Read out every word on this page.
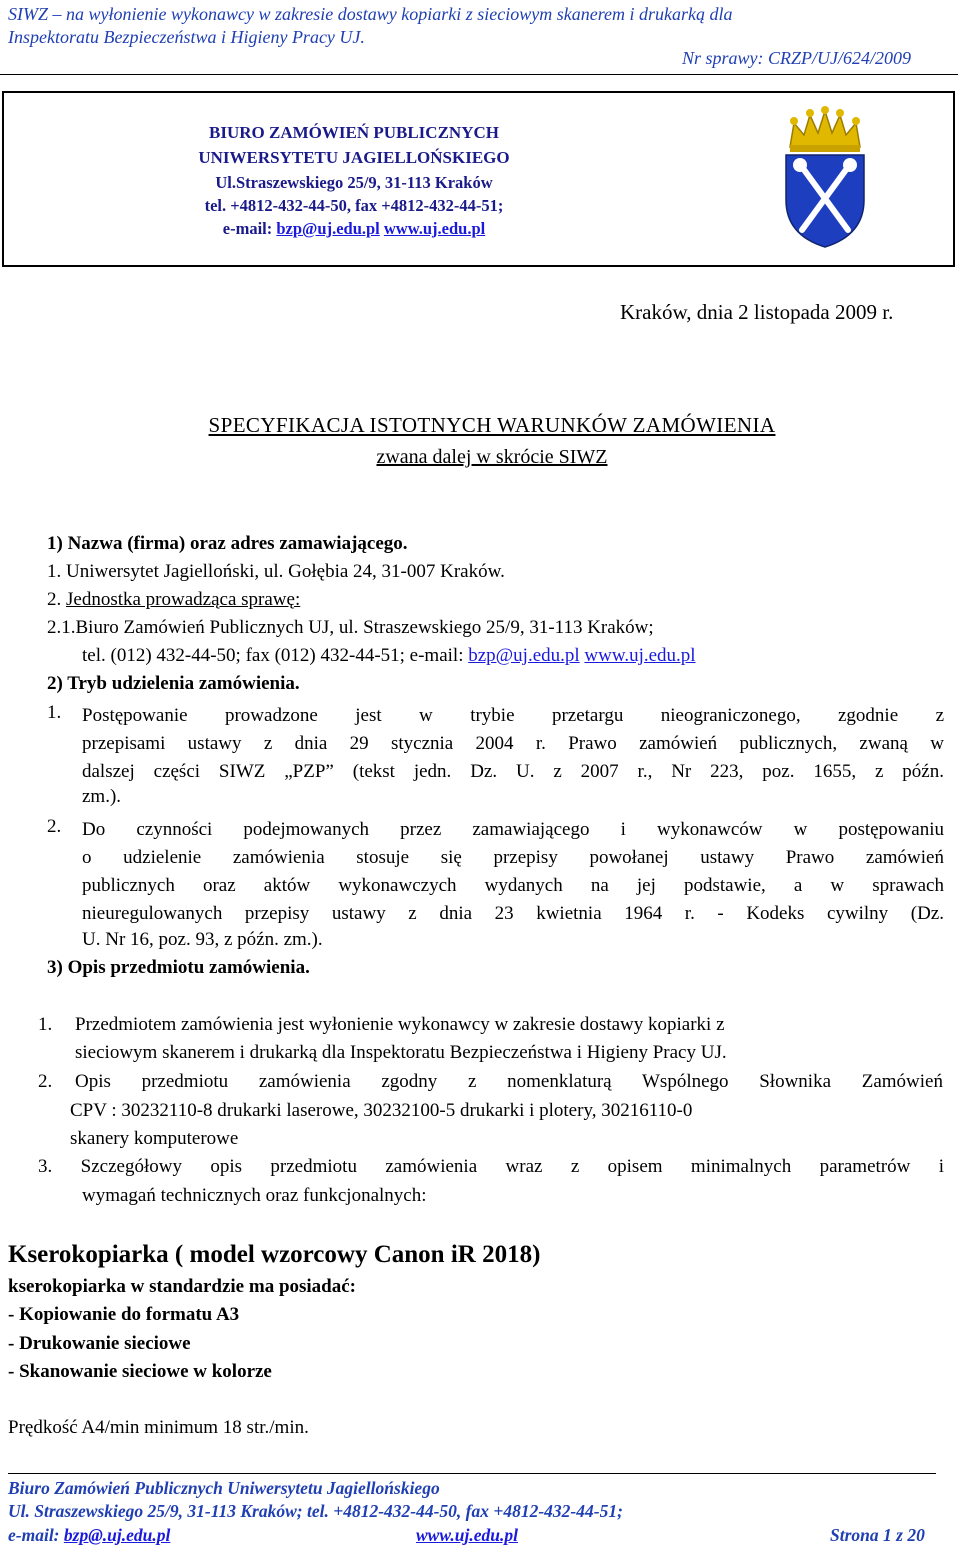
SIWZ – na wyłonienie wykonawcy w zakresie dostawy kopiarki z sieciowym skanerem i drukarką dla
Inspektoratu Bezpieczeństwa i Higieny Pracy UJ.
Nr sprawy: CRZP/UJ/624/2009
BIURO ZAMÓWIEŃ PUBLICZNYCH
UNIWERSYTETU JAGIELLOŃSKIEGO
Ul.Straszewskiego 25/9, 31-113 Kraków
tel. +4812-432-44-50, fax +4812-432-44-51;
e-mail: bzp@uj.edu.pl www.uj.edu.pl
Kraków, dnia 2 listopada 2009 r.
SPECYFIKACJA ISTOTNYCH WARUNKÓW ZAMÓWIENIA
zwana dalej w skrócie SIWZ
1) Nazwa (firma) oraz adres zamawiającego.
1. Uniwersytet Jagielloński, ul. Gołębia 24, 31-007 Kraków.
2. Jednostka prowadząca sprawę:
2.1.Biuro Zamówień Publicznych UJ, ul. Straszewskiego 25/9, 31-113 Kraków;
tel. (012) 432-44-50; fax (012) 432-44-51; e-mail: bzp@uj.edu.pl www.uj.edu.pl
2) Tryb udzielenia zamówienia.
1. Postępowanie prowadzone jest w trybie przetargu nieograniczonego, zgodnie z
przepisami ustawy z dnia 29 stycznia 2004 r. Prawo zamówień publicznych, zwaną w
dalszej części SIWZ „PZP” (tekst jedn. Dz. U. z 2007 r., Nr 223, poz. 1655, z późn.
zm.).
2. Do czynności podejmowanych przez zamawiającego i wykonawców w postępowaniu
o udzielenie zamówienia stosuje się przepisy powołanej ustawy Prawo zamówień
publicznych oraz aktów wykonawczych wydanych na jej podstawie, a w sprawach
nieuregulowanych przepisy ustawy z dnia 23 kwietnia 1964 r. - Kodeks cywilny (Dz.
U. Nr 16, poz. 93, z późn. zm.).
3) Opis przedmiotu zamówienia.
1. Przedmiotem zamówienia jest wyłonienie wykonawcy w zakresie dostawy kopiarki z
sieciowym skanerem i drukarką dla Inspektoratu Bezpieczeństwa i Higieny Pracy UJ.
2. Opis przedmiotu zamówienia zgodny z nomenklaturą Wspólnego Słownika Zamówień
CPV : 30232110-8 drukarki laserowe, 30232100-5 drukarki i plotery, 30216110-0
skanery komputerowe
3. Szczegółowy opis przedmiotu zamówienia wraz z opisem minimalnych parametrów i
wymagań technicznych oraz funkcjonalnych:
Kserokopiarka ( model wzorcowy Canon iR 2018)
kserokopiarka w standardzie ma posiadać:
- Kopiowanie do formatu A3
- Drukowanie sieciowe
- Skanowanie sieciowe w kolorze
Prędkość A4/min minimum 18 str./min.
Biuro Zamówień Publicznych Uniwersytetu Jagiellońskiego
Ul. Straszewskiego 25/9, 31-113 Kraków; tel. +4812-432-44-50, fax +4812-432-44-51;
e-mail: bzp@.uj.edu.pl	www.uj.edu.pl	Strona 1 z 20
